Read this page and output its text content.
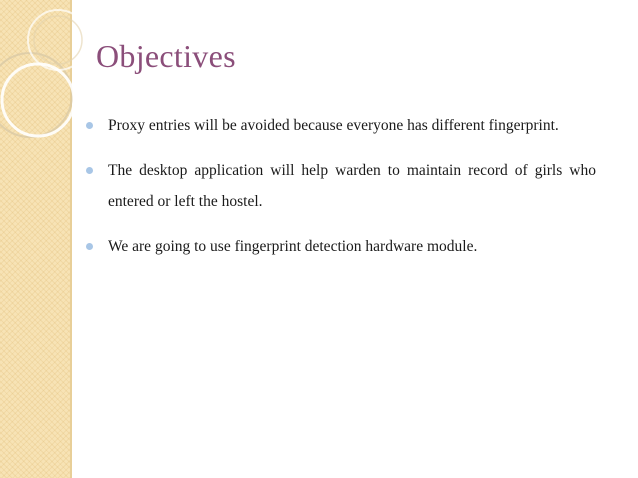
Objectives
Proxy entries will be avoided because everyone has different fingerprint.
The desktop application will help warden to maintain record of girls who entered or left the hostel.
We are going to use fingerprint detection hardware module.
